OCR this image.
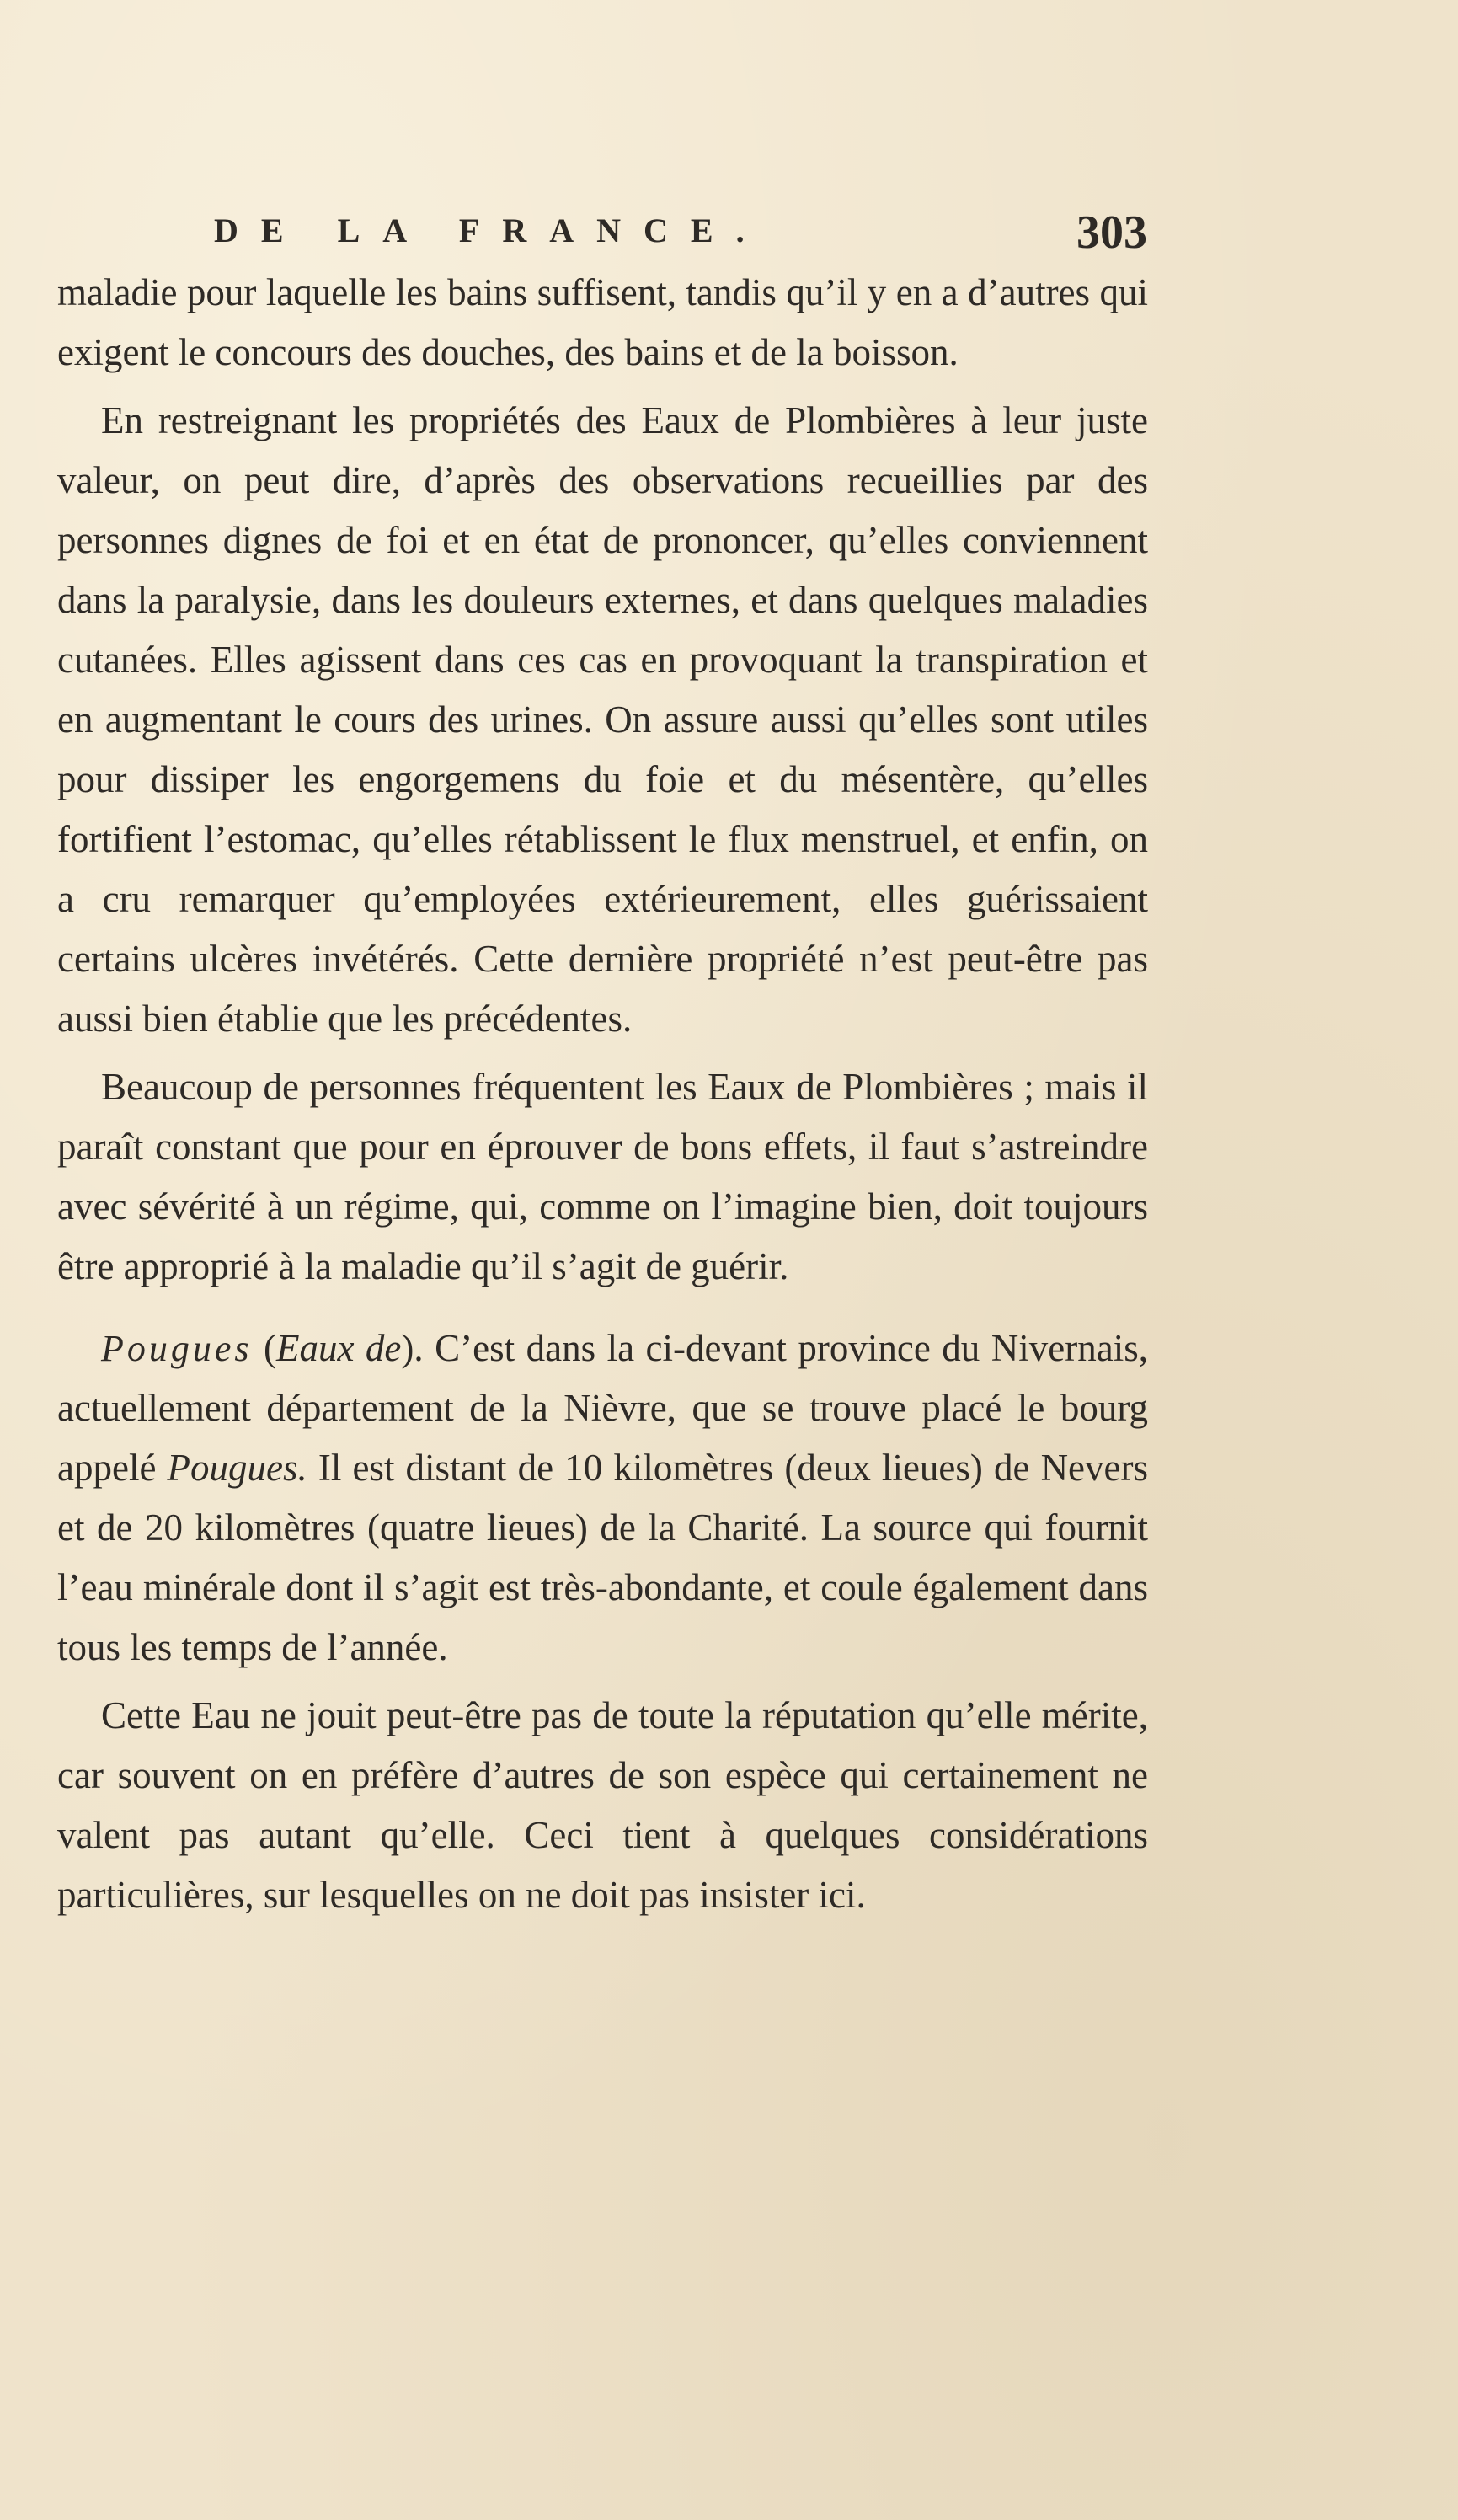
DE LA FRANCE.	303

maladie pour laquelle les bains suffisent, tandis qu’il y en a d’autres qui exigent le concours des douches, des bains et de la boisson.

En restreignant les propriétés des Eaux de Plombières à leur juste valeur, on peut dire, d’après des observations recueillies par des personnes dignes de foi et en état de prononcer, qu’elles conviennent dans la paralysie, dans les douleurs externes, et dans quelques maladies cutanées. Elles agissent dans ces cas en provoquant la transpiration et en augmentant le cours des urines. On assure aussi qu’elles sont utiles pour dissiper les engorgemens du foie et du mésentère, qu’elles fortifient l’estomac, qu’elles rétablissent le flux menstruel, et enfin, on a cru remarquer qu’employées extérieurement, elles guérissaient certains ulcères invétérés. Cette dernière propriété n’est peut-être pas aussi bien établie que les précédentes.

Beaucoup de personnes fréquentent les Eaux de Plombières ; mais il paraît constant que pour en éprouver de bons effets, il faut s’astreindre avec sévérité à un régime, qui, comme on l’imagine bien, doit toujours être approprié à la maladie qu’il s’agit de guérir.

Pougues (Eaux de). C’est dans la ci-devant province du Nivernais, actuellement département de la Nièvre, que se trouve placé le bourg appelé Pougues. Il est distant de 10 kilomètres (deux lieues) de Nevers et de 20 kilomètres (quatre lieues) de la Charité. La source qui fournit l’eau minérale dont il s’agit est très-abondante, et coule également dans tous les temps de l’année.

Cette Eau ne jouit peut-être pas de toute la réputation qu’elle mérite, car souvent on en préfère d’autres de son espèce qui certainement ne valent pas autant qu’elle. Ceci tient à quelques considérations particulières, sur lesquelles on ne doit pas insister ici.
